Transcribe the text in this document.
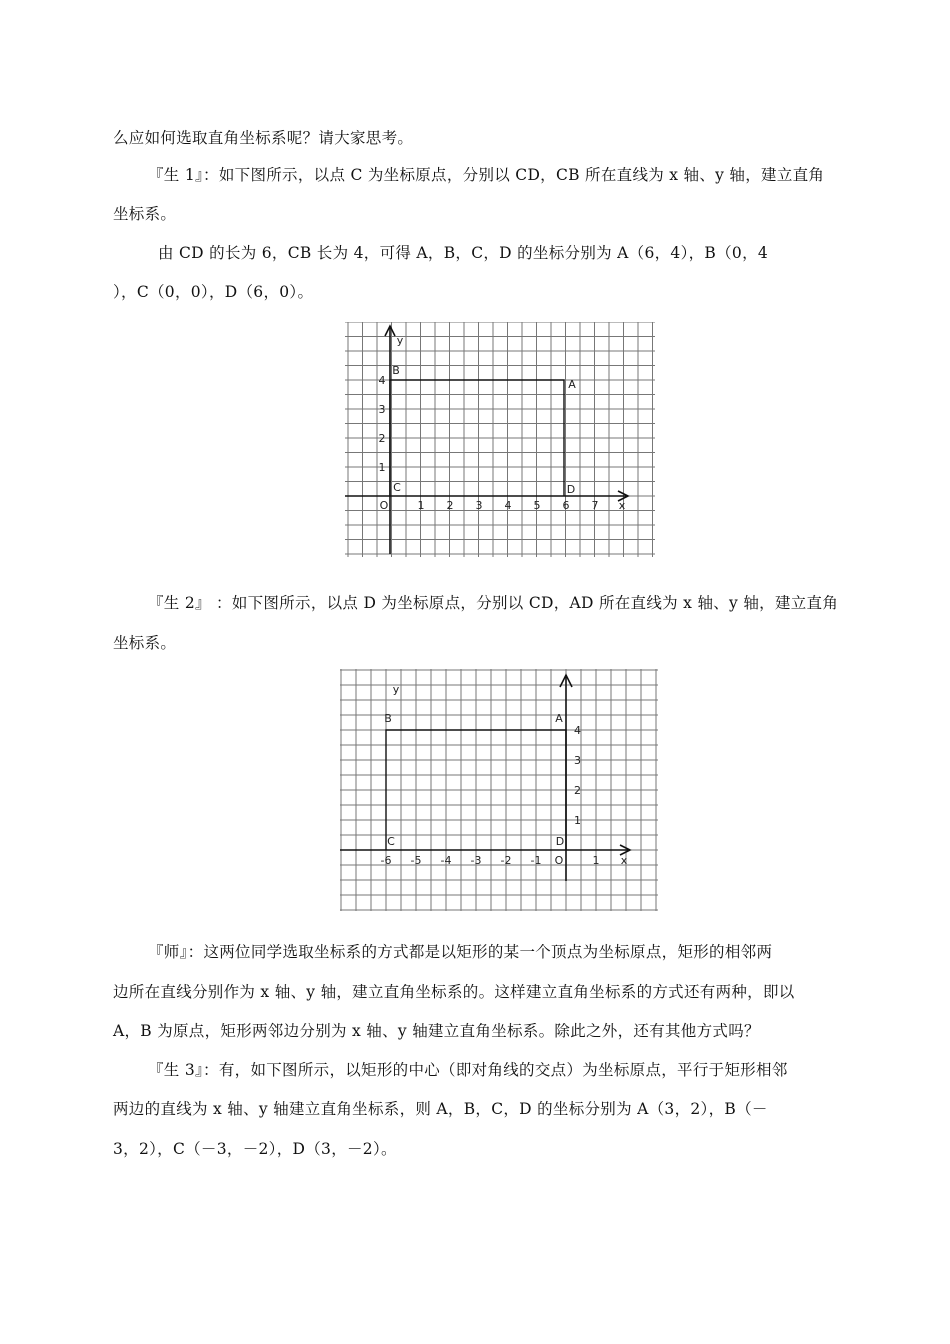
么应如何选取直角坐标系呢？请大家思考。
『生 1』：如下图所示，以点 C 为坐标原点，分别以 CD，CB 所在直线为 x 轴、y 轴，建立直角
坐标系。
由 CD 的长为 6，CB 长为 4，可得 A，B，C，D 的坐标分别为 A（6，4），B（0，4
），C（0，0），D（6，0）。
1 2 3 4 5 6 7
1
2
3
4
O	x
y
B
A
C	D
『生 2』 ：如下图所示，以点 D 为坐标原点，分别以 CD，AD 所在直线为 x 轴、y 轴，建立直角
坐标系。
-6 -5 -4 -3 -2 -1	1
1
2
3
4
O	x
y
B	A
C	D
『师』：这两位同学选取坐标系的方式都是以矩形的某一个顶点为坐标原点，矩形的相邻两
边所在直线分别作为 x 轴、y 轴，建立直角坐标系的。这样建立直角坐标系的方式还有两种，即以
A，B 为原点，矩形两邻边分别为 x 轴、y 轴建立直角坐标系。除此之外，还有其他方式吗？
『生 3』：有，如下图所示，以矩形的中心（即对角线的交点）为坐标原点，平行于矩形相邻
两边的直线为 x 轴、y 轴建立直角坐标系，则 A，B，C，D 的坐标分别为 A（3，2），B（－
3，2），C（－3，－2），D（3，－2）。
